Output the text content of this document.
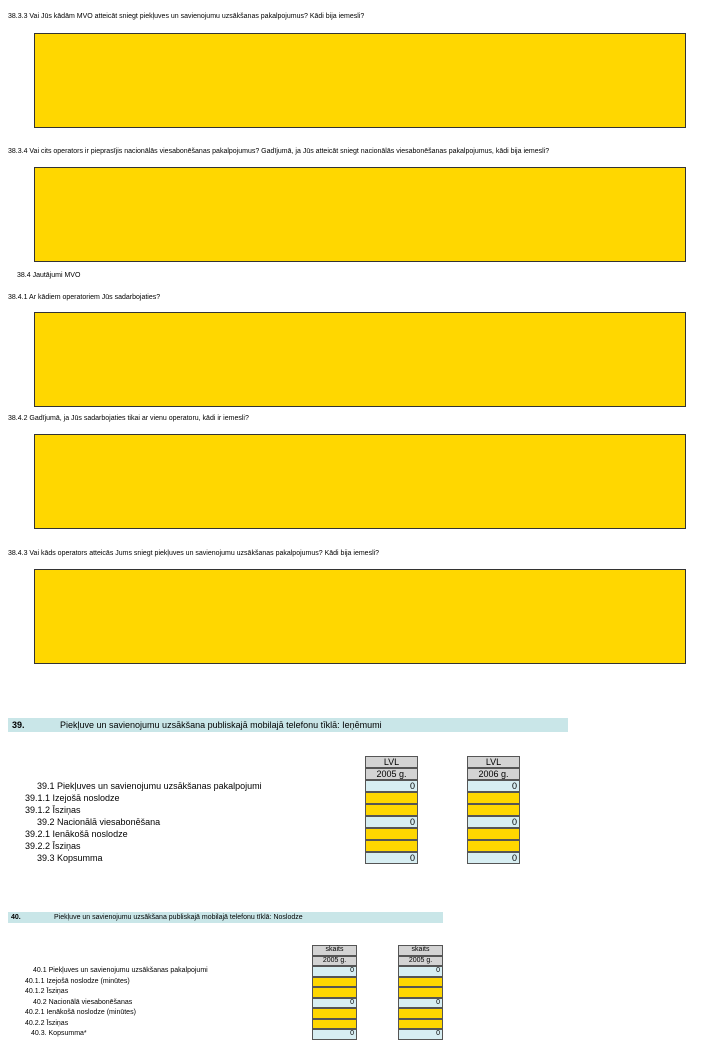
38.3.3 Vai Jūs kādām MVO atteicāt sniegt piekļuves un savienojumu uzsākšanas pakalpojumus? Kādi bija iemesli?
38.3.4 Vai cits operators ir pieprasījis nacionālās viesabonēšanas pakalpojumus? Gadījumā, ja Jūs atteicāt sniegt nacionālās viesabonēšanas pakalpojumus, kādi bija iemesli?
38.4 Jautājumi MVO
38.4.1 Ar kādiem operatoriem Jūs sadarbojaties?
38.4.2 Gadījumā, ja Jūs sadarbojaties tikai ar vienu operatoru, kādi ir iemesli?
38.4.3 Vai kāds operators atteicās Jums sniegt piekļuves un savienojumu uzsākšanas pakalpojumus? Kādi bija iemesli?
39.	Piekļuve un savienojumu uzsākšana publiskajā mobilajā telefonu tīklā: Ieņēmumi
LVL
2005 g.
LVL
2006 g.
39.1 Piekļuves un savienojumu uzsākšanas pakalpojumi	0	0
39.1.1 Izejošā noslodze
39.1.2 Īsziņas
39.2 Nacionālā viesabonēšana	0	0
39.2.1 Ienākošā noslodze
39.2.2 Īsziņas
39.3 Kopsumma	0	0
40.	Piekļuve un savienojumu uzsākšana publiskajā mobilajā telefonu tīklā: Noslodze
skaits
2005 g.
skaits
2005 g.
40.1 Piekļuves un savienojumu uzsākšanas pakalpojumi	0	0
40.1.1 Izejošā noslodze (minūtes)
40.1.2 Īsziņas
40.2 Nacionālā viesabonēšanas	0	0
40.2.1 Ienākošā noslodze (minūtes)
40.2.2 Īsziņas
40.3. Kopsumma*	0	0
